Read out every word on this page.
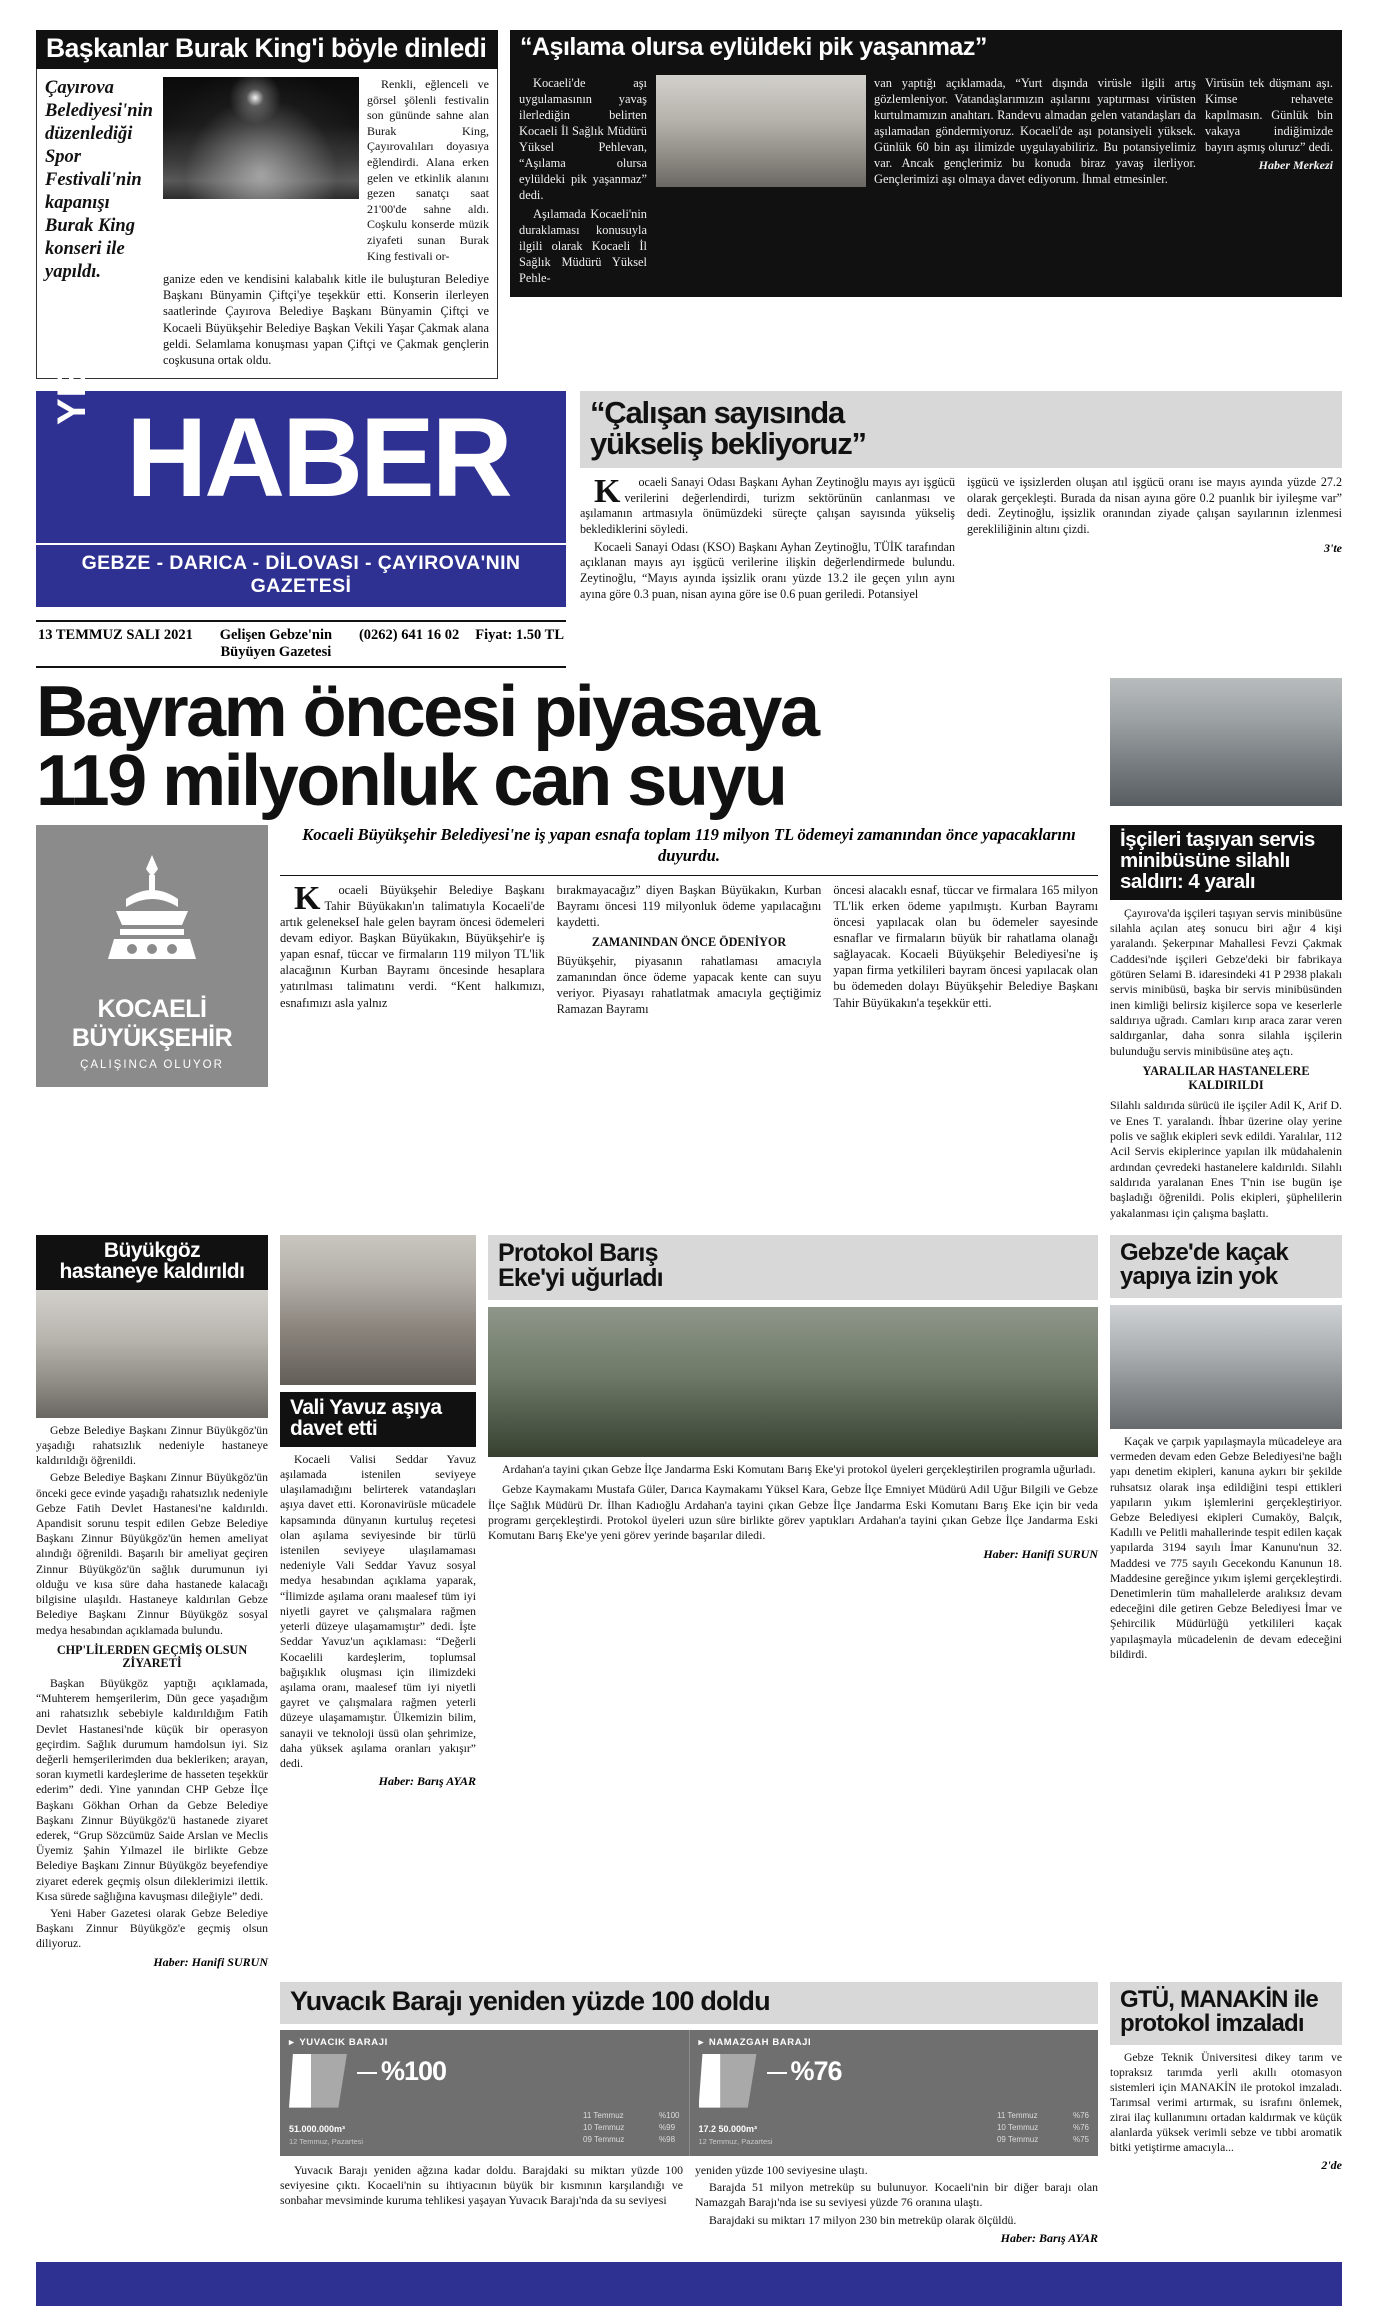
Başkanlar Burak King'i böyle dinledi
Çayırova Belediyesi'nin düzenlediği Spor Festivali'nin kapanışı Burak King konseri ile yapıldı.

Renkli, eğlenceli ve görsel şölenli festivalin son gününde sahne alan Burak King, Çayırovalıları doyasıya eğlendirdi. Alana erken gelen ve etkinlik alanını gezen sanatçı saat 21'00'de sahne aldı. Coşkulu konserde müzik ziyafeti sunan Burak King festivali or-

ganize eden ve kendisini kalabalık kitle ile buluşturan Belediye Başkanı Bünyamin Çiftçi'ye teşekkür etti. Konserin ilerleyen saatlerinde Çayırova Belediye Başkanı Bünyamin Çiftçi ve Kocaeli Büyükşehir Belediye Başkan Vekili Yaşar Çakmak alana geldi. Selamlama konuşması yapan Çiftçi ve Çakmak gençlerin coşkusuna ortak oldu.

“Aşılama olursa eylüldeki pik yaşanmaz”

Kocaeli'de aşı uygulamasının yavaş ilerlediğin belirten Kocaeli İl Sağlık Müdürü Yüksel Pehlevan, “Aşılama olursa eylüldeki pik yaşanmaz” dedi.

Aşılamada Kocaeli'nin duraklaması konusuyla ilgili olarak Kocaeli İl Sağlık Müdürü Yüksel Pehle-

van yaptığı açıklamada, “Yurt dışında virüsle ilgili artış gözlemleniyor. Vatandaşlarımızın aşılarını yaptırması virüsten kurtulmamızın anahtarı. Randevu almadan gelen vatandaşları da aşılamadan göndermiyoruz. Kocaeli'de aşı potansiyeli yüksek. Günlük 60 bin aşı ilimizde uygulayabiliriz. Bu potansiyelimiz var. Ancak gençlerimiz bu konuda biraz yavaş ilerliyor. Gençlerimizi aşı olmaya davet ediyorum. İhmal etmesinler.

Virüsün tek düşmanı aşı. Kimse rehavete kapılmasın. Günlük bin vakaya indiğimizde bayırı aşmış oluruz” dedi.

Haber Merkezi
YENİ
HABER
GEBZE - DARICA - DİLOVASI - ÇAYIROVA'NIN GAZETESİ
13 TEMMUZ SALI 2021	Gelişen Gebze'nin Büyüyen Gazetesi
(0262) 641 16 02 Fiyat: 1.50 TL
“Çalışan sayısında
yükseliş bekliyoruz”

Kocaeli Sanayi Odası Başkanı Ayhan Zeytinoğlu mayıs ayı işgücü verilerini değerlendirdi, turizm sektörünün canlanması ve aşılamanın artmasıyla önümüzdeki süreçte çalışan sayısında yükseliş beklediklerini söyledi.

Kocaeli Sanayi Odası (KSO) Başkanı Ayhan Zeytinoğlu, TÜİK tarafından açıklanan mayıs ayı işgücü verilerine ilişkin değerlendirmede bulundu. Zeytinoğlu, “Mayıs ayında işsizlik oranı yüzde 13.2 ile geçen yılın aynı ayına göre 0.3 puan, nisan ayına göre ise 0.6 puan geriledi. Potansiyel

işgücü ve işsizlerden oluşan atıl işgücü oranı ise mayıs ayında yüzde 27.2 olarak gerçekleşti. Burada da nisan ayına göre 0.2 puanlık bir iyileşme var” dedi. Zeytinoğlu, işsizlik oranından ziyade çalışan sayılarının izlenmesi gerekliliğinin altını çizdi.

3'te
Bayram öncesi piyasaya
119 milyonluk can suyu
KOCAELİ
BÜYÜKŞEHİR
ÇALIŞINCA OLUYOR
Kocaeli Büyükşehir Belediyesi'ne iş yapan esnafa toplam 119 milyon TL ödemeyi zamanından önce yapacaklarını duyurdu.

Kocaeli Büyükşehir Belediye Başkanı Tahir Büyükakın'ın talimatıyla Kocaeli'de artık gelenekseI hale gelen bayram öncesi ödemeleri devam ediyor. Başkan Büyükakın, Büyükşehir'e iş yapan esnaf, tüccar ve firmaların 119 milyon TL'lik alacağının Kurban Bayramı öncesinde hesaplara yatırılması talimatını verdi. “Kent halkımızı, esnafımızı asla yalnız

bırakmayacağız” diyen Başkan Büyükakın, Kurban Bayramı öncesi 119 milyonluk ödeme yapılacağını kaydetti.

ZAMANINDAN ÖNCE ÖDENİYOR

Büyükşehir, piyasanın rahatlaması amacıyla zamanından önce ödeme yapacak kente can suyu veriyor. Piyasayı rahatlatmak amacıyla geçtiğimiz Ramazan Bayramı

öncesi alacaklı esnaf, tüccar ve firmalara 165 milyon TL'lik erken ödeme yapılmıştı. Kurban Bayramı öncesi yapılacak olan bu ödemeler sayesinde esnaflar ve firmaların büyük bir rahatlama olanağı sağlayacak. Kocaeli Büyükşehir Belediyesi'ne iş yapan firma yetkilileri bayram öncesi yapılacak olan bu ödemeden dolayı Büyükşehir Belediye Başkanı Tahir Büyükakın'a teşekkür etti.

İşçileri taşıyan servis minibüsüne silahlı saldırı: 4 yaralı

Çayırova'da işçileri taşıyan servis minibüsüne silahla açılan ateş sonucu biri ağır 4 kişi yaralandı. Şekerpınar Mahallesi Fevzi Çakmak Caddesi'nde işçileri Gebze'deki bir fabrikaya götüren Selami B. idaresindeki 41 P 2938 plakalı servis minibüsü, başka bir servis minibüsünden inen kimliği belirsiz kişilerce sopa ve keserlerle saldırıya uğradı. Camları kırıp araca zarar veren saldırganlar, daha sonra silahla işçilerin bulunduğu servis minibüsüne ateş açtı.

YARALILAR HASTANELERE KALDIRILDI

Silahlı saldırıda sürücü ile işçiler Adil K, Arif D. ve Enes T. yaralandı. İhbar üzerine olay yerine polis ve sağlık ekipleri sevk edildi. Yaralılar, 112 Acil Servis ekiplerince yapılan ilk müdahalenin ardından çevredeki hastanelere kaldırıldı. Silahlı saldırıda yaralanan Enes T'nin ise bugün işe başladığı öğrenildi. Polis ekipleri, şüphelilerin yakalanması için çalışma başlattı.

Büyükgöz
hastaneye kaldırıldı

Gebze Belediye Başkanı Zinnur Büyükgöz'ün yaşadığı rahatsızlık nedeniyle hastaneye kaldırıldığı öğrenildi.

Gebze Belediye Başkanı Zinnur Büyükgöz'ün önceki gece evinde yaşadığı rahatsızlık nedeniyle Gebze Fatih Devlet Hastanesi'ne kaldırıldı. Apandisit sorunu tespit edilen Gebze Belediye Başkanı Zinnur Büyükgöz'ün hemen ameliyat alındığı öğrenildi. Başarılı bir ameliyat geçiren Zinnur Büyükgöz'ün sağlık durumunun iyi olduğu ve kısa süre daha hastanede kalacağı bilgisine ulaşıldı. Hastaneye kaldırılan Gebze Belediye Başkanı Zinnur Büyükgöz sosyal medya hesabından açıklamada bulundu.

CHP'LİLERDEN GEÇMİŞ OLSUN ZİYARETİ

Başkan Büyükgöz yaptığı açıklamada, “Muhterem hemşerilerim, Dün gece yaşadığım ani rahatsızlık sebebiyle kaldırıldığım Fatih Devlet Hastanesi'nde küçük bir operasyon geçirdim. Sağlık durumum hamdolsun iyi. Siz değerli hemşerilerimden dua bekleriken; arayan, soran kıymetli kardeşlerime de hasseten teşekkür ederim” dedi. Yine yanından CHP Gebze İlçe Başkanı Gökhan Orhan da Gebze Belediye Başkanı Zinnur Büyükgöz'ü hastanede ziyaret ederek, “Grup Sözcümüz Saide Arslan ve Meclis Üyemiz Şahin Yılmazel ile birlikte Gebze Belediye Başkanı Zinnur Büyükgöz beyefendiye ziyaret ederek geçmiş olsun dileklerimizi ilettik. Kısa sürede sağlığına kavuşması dileğiyle” dedi.

Yeni Haber Gazetesi olarak Gebze Belediye Başkanı Zinnur Büyükgöz'e geçmiş olsun diliyoruz.

Haber: Hanifi SURUN
Vali Yavuz aşıya
davet etti

Kocaeli Valisi Seddar Yavuz aşılamada istenilen seviyeye ulaşılamadığını belirterek vatandaşları aşıya davet etti. Koronavirüsle mücadele kapsamında dünyanın kurtuluş reçetesi olan aşılama seviyesinde bir türlü istenilen seviyeye ulaşılamaması nedeniyle Vali Seddar Yavuz sosyal medya hesabından açıklama yaparak, “İlimizde aşılama oranı maalesef tüm iyi niyetli gayret ve çalışmalara rağmen yeterli düzeye ulaşamamıştır” dedi. İşte Seddar Yavuz'un açıklaması: “Değerli Kocaelili kardeşlerim, toplumsal bağışıklık oluşması için ilimizdeki aşılama oranı, maalesef tüm iyi niyetli gayret ve çalışmalara rağmen yeterli düzeye ulaşamamıştır. Ülkemizin bilim, sanayii ve teknoloji üssü olan şehrimize, daha yüksek aşılama oranları yakışır” dedi.

Haber: Barış AYAR
Protokol Barış
Eke'yi uğurladı

Ardahan'a tayini çıkan Gebze İlçe Jandarma Eski Komutanı Barış Eke'yi protokol üyeleri gerçekleştirilen programla uğurladı.

Gebze Kaymakamı Mustafa Güler, Darıca Kaymakamı Yüksel Kara, Gebze İlçe Emniyet Müdürü Adil Uğur Bilgili ve Gebze İlçe Sağlık Müdürü Dr. İlhan Kadıoğlu Ardahan'a tayini çıkan Gebze İlçe Jandarma Eski Komutanı Barış Eke için bir veda programı gerçekleştirdi. Protokol üyeleri uzun süre birlikte görev yaptıkları Ardahan'a tayini çıkan Gebze İlçe Jandarma Eski Komutanı Barış Eke'ye yeni görev yerinde başarılar diledi.

Haber: Hanifi SURUN
Gebze'de kaçak
yapıya izin yok

Kaçak ve çarpık yapılaşmayla mücadeleye ara vermeden devam eden Gebze Belediyesi'ne bağlı yapı denetim ekipleri, kanuna aykırı bir şekilde ruhsatsız olarak inşa edildiğini tespi ettikleri yapıların yıkım işlemlerini gerçekleştiriyor. Gebze Belediyesi ekipleri Cumaköy, Balçık, Kadıllı ve Pelitli mahallerinde tespit edilen kaçak yapılarda 3194 sayılı İmar Kanunu'nun 32. Maddesi ve 775 sayılı Gecekondu Kanunun 18. Maddesine gereğince yıkım işlemi gerçekleştirdi. Denetimlerin tüm mahallelerde aralıksız devam edeceğini dile getiren Gebze Belediyesi İmar ve Şehircilik Müdürlüğü yetkilileri kaçak yapılaşmayla mücadelenin de devam edeceğini bildirdi.

Yuvacık Barajı yeniden yüzde 100 doldu
▸ YUVACIK BARAJI
%100
51.000.000m³
12 Temmuz, Pazartesi
11 Temmuz	%100
10 Temmuz	%99
09 Temmuz	%98
▸ NAMAZGAH BARAJI
%76
17.2 50.000m³
12 Temmuz, Pazartesi
11 Temmuz	%76
10 Temmuz	%76
09 Temmuz	%75

Yuvacık Barajı yeniden ağzına kadar doldu. Barajdaki su miktarı yüzde 100 seviyesine çıktı. Kocaeli'nin su ihtiyacının büyük bir kısmının karşılandığı ve sonbahar mevsiminde kuruma tehlikesi yaşayan Yuvacık Barajı'nda da su seviyesi

yeniden yüzde 100 seviyesine ulaştı.

Barajda 51 milyon metreküp su bulunuyor. Kocaeli'nin bir diğer barajı olan Namazgah Barajı'nda ise su seviyesi yüzde 76 oranına ulaştı.

Barajdaki su miktarı 17 milyon 230 bin metreküp olarak ölçüldü.

Haber: Barış AYAR
GTÜ, MANAKİN ile
protokol imzaladı

Gebze Teknik Üniversitesi dikey tarım ve topraksız tarımda yerli akıllı otomasyon sistemleri için MANAKİN ile protokol imzaladı. Tarımsal verimi artırmak, su israfını önlemek, zirai ilaç kullanımını ortadan kaldırmak ve küçük alanlarda yüksek verimli sebze ve tıbbi aromatik bitki yetiştirme amacıyla...

2'de
